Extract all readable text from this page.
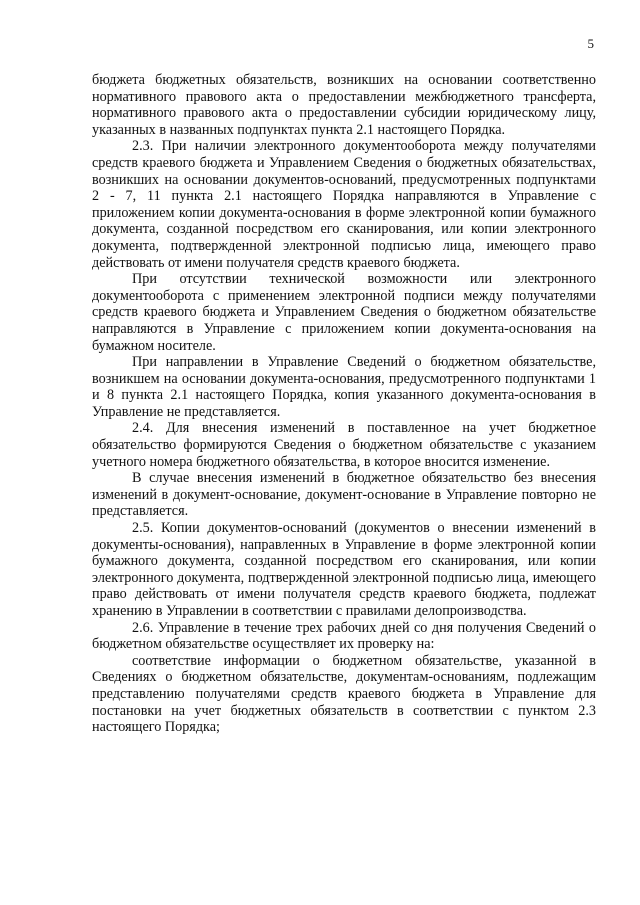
5

бюджета бюджетных обязательств, возникших на основании соответственно нормативного правового акта о предоставлении межбюджетного трансферта, нормативного правового акта о предоставлении субсидии юридическому лицу, указанных в названных подпунктах пункта 2.1 настоящего Порядка.

2.3. При наличии электронного документооборота между получателями средств краевого бюджета и Управлением Сведения о бюджетных обязательствах, возникших на основании документов-оснований, предусмотренных подпунктами 2 - 7, 11 пункта 2.1 настоящего Порядка направляются в Управление с приложением копии документа-основания в форме электронной копии бумажного документа, созданной посредством его сканирования, или копии электронного документа, подтвержденной электронной подписью лица, имеющего право действовать от имени получателя средств краевого бюджета.

При отсутствии технической возможности или электронного документооборота с применением электронной подписи между получателями средств краевого бюджета и Управлением Сведения о бюджетном обязательстве направляются в Управление с приложением копии документа-основания на бумажном носителе.

При направлении в Управление Сведений о бюджетном обязательстве, возникшем на основании документа-основания, предусмотренного подпунктами 1 и 8 пункта 2.1 настоящего Порядка, копия указанного документа-основания в Управление не представляется.

2.4. Для внесения изменений в поставленное на учет бюджетное обязательство формируются Сведения о бюджетном обязательстве с указанием учетного номера бюджетного обязательства, в которое вносится изменение.

В случае внесения изменений в бюджетное обязательство без внесения изменений в документ-основание, документ-основание в Управление повторно не представляется.

2.5. Копии документов-оснований (документов о внесении изменений в документы-основания), направленных в Управление в форме электронной копии бумажного документа, созданной посредством его сканирования, или копии электронного документа, подтвержденной электронной подписью лица, имеющего право действовать от имени получателя средств краевого бюджета, подлежат хранению в Управлении в соответствии с правилами делопроизводства.

2.6. Управление в течение трех рабочих дней со дня получения Сведений о бюджетном обязательстве осуществляет их проверку на:

соответствие информации о бюджетном обязательстве, указанной в Сведениях о бюджетном обязательстве, документам-основаниям, подлежащим представлению получателями средств краевого бюджета в Управление для постановки на учет бюджетных обязательств в соответствии с пунктом 2.3 настоящего Порядка;
